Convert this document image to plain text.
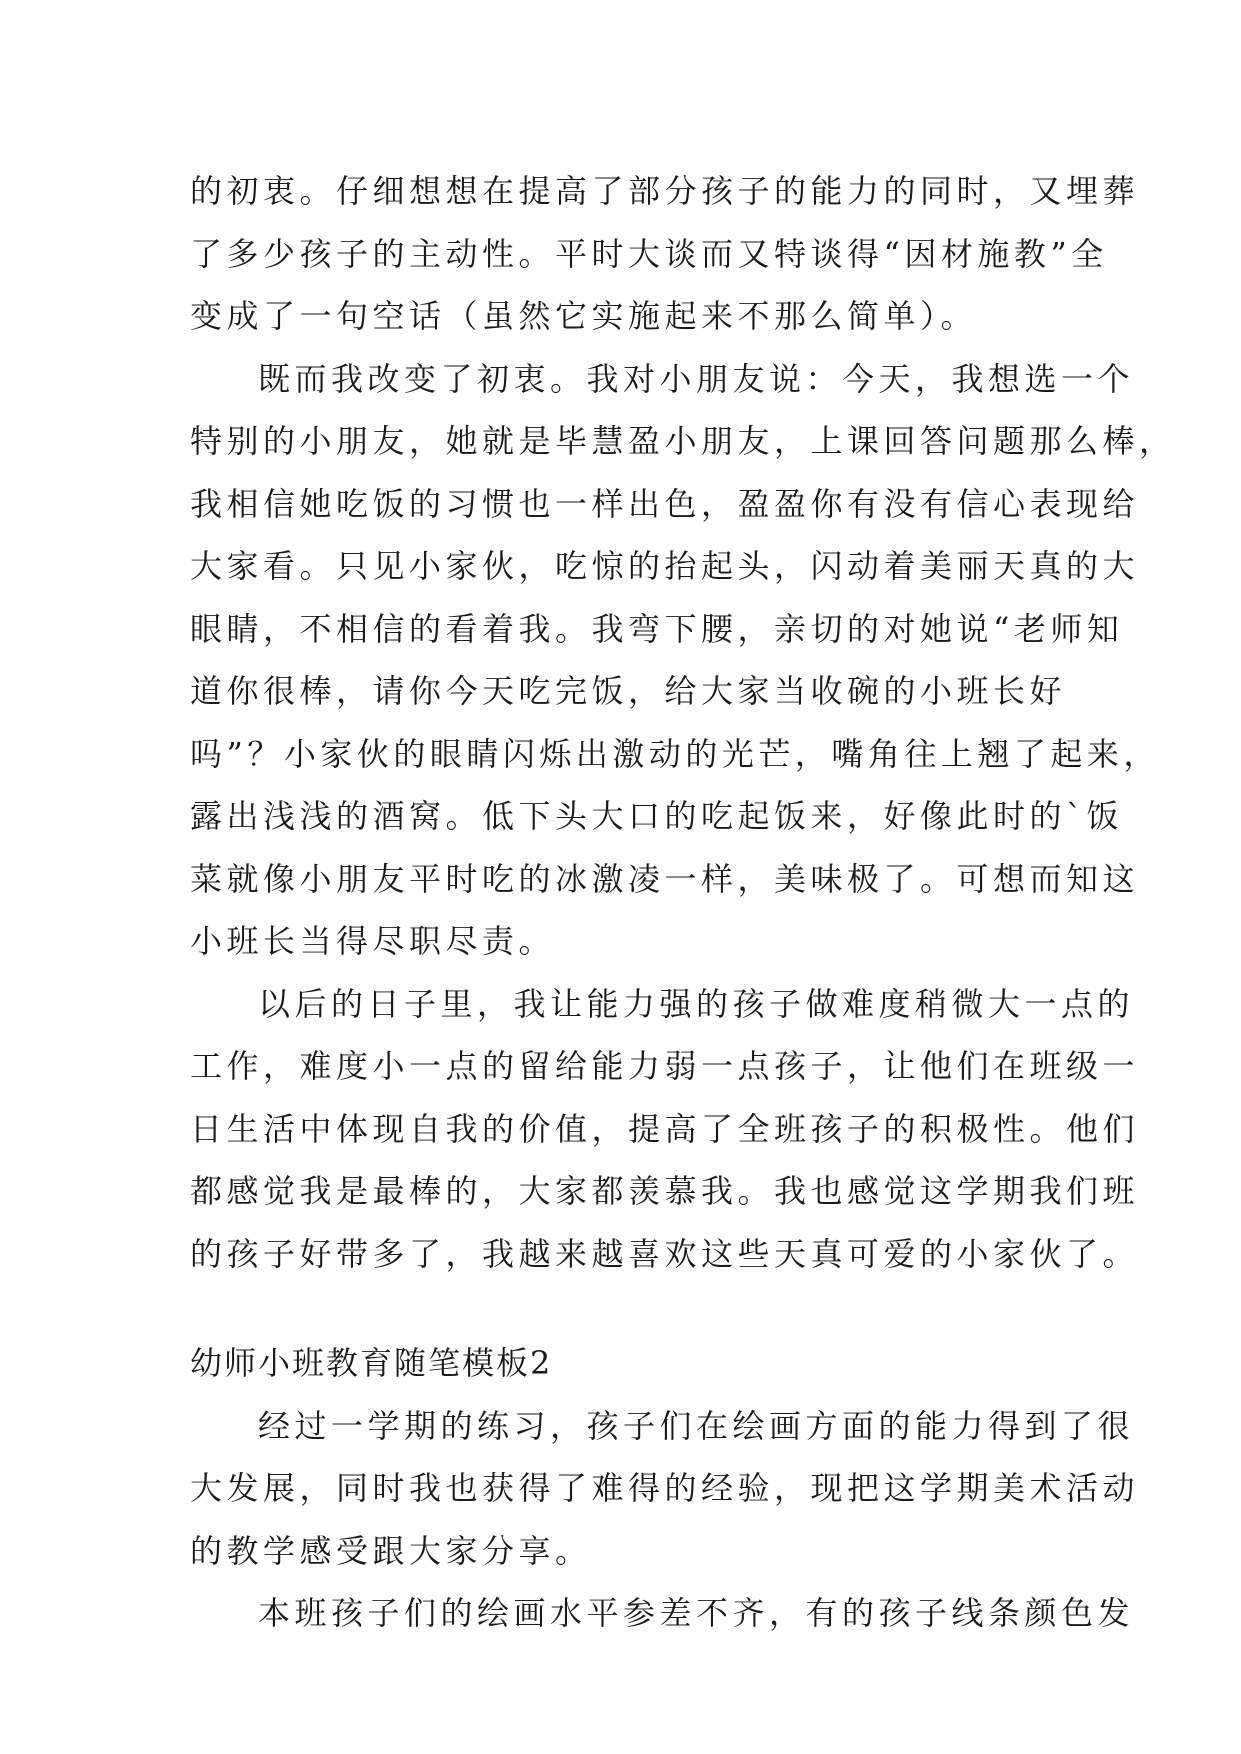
的初衷。仔细想想在提高了部分孩子的能力的同时，又埋葬
了多少孩子的主动性。平时大谈而又特谈得“因材施教”全
变成了一句空话（虽然它实施起来不那么简单）。
既而我改变了初衷。我对小朋友说：今天，我想选一个
特别的小朋友，她就是毕慧盈小朋友，上课回答问题那么棒，
我相信她吃饭的习惯也一样出色，盈盈你有没有信心表现给
大家看。只见小家伙，吃惊的抬起头，闪动着美丽天真的大
眼睛，不相信的看着我。我弯下腰，亲切的对她说“老师知
道你很棒，请你今天吃完饭，给大家当收碗的小班长好
吗”？小家伙的眼睛闪烁出激动的光芒，嘴角往上翘了起来，
露出浅浅的酒窝。低下头大口的吃起饭来，好像此时的`饭
菜就像小朋友平时吃的冰激凌一样，美味极了。可想而知这
小班长当得尽职尽责。
以后的日子里，我让能力强的孩子做难度稍微大一点的
工作，难度小一点的留给能力弱一点孩子，让他们在班级一
日生活中体现自我的价值，提高了全班孩子的积极性。他们
都感觉我是最棒的，大家都羡慕我。我也感觉这学期我们班
的孩子好带多了，我越来越喜欢这些天真可爱的小家伙了。
幼师小班教育随笔模板2
经过一学期的练习，孩子们在绘画方面的能力得到了很
大发展，同时我也获得了难得的经验，现把这学期美术活动
的教学感受跟大家分享。
本班孩子们的绘画水平参差不齐，有的孩子线条颜色发
